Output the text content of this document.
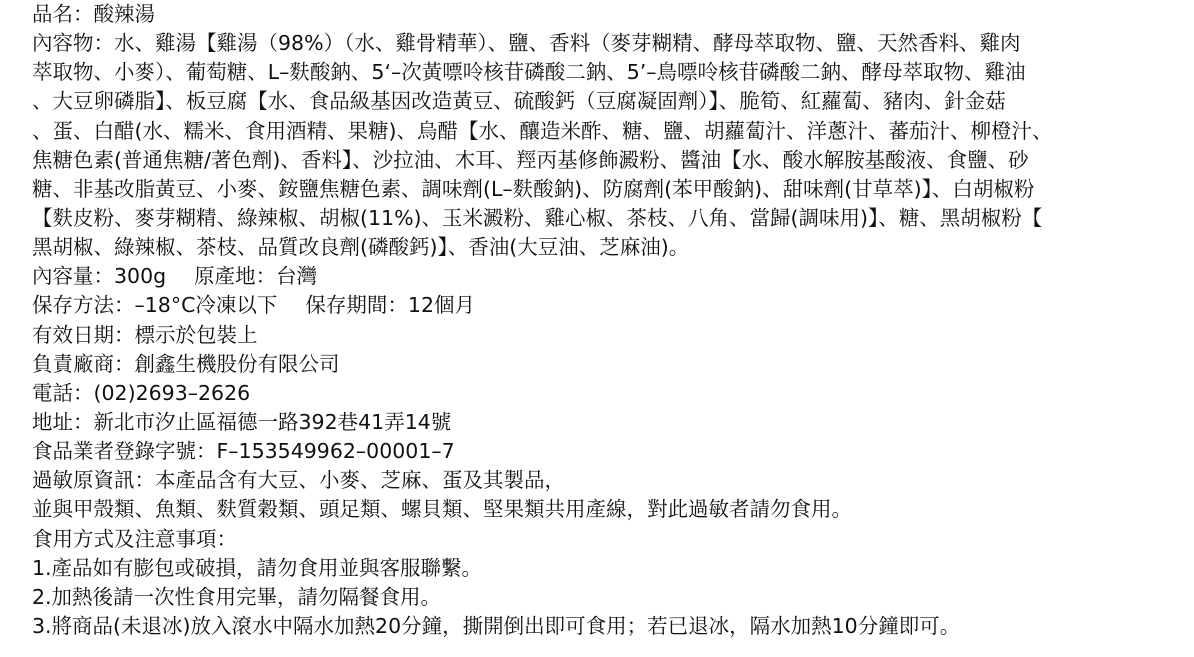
品名：酸辣湯
內容物：水、雞湯【雞湯（98%）（水、雞骨精華）、鹽、香料（麥芽糊精、酵母萃取物、鹽、天然香料、雞肉
萃取物、小麥）、葡萄糖、L–麩酸鈉、5‘–次黃嘌呤核苷磷酸二鈉、5’–鳥嘌呤核苷磷酸二鈉、酵母萃取物、雞油
、大豆卵磷脂】、板豆腐【水、食品級基因改造黃豆、硫酸鈣（豆腐凝固劑）】、脆筍、紅蘿蔔、豬肉、針金菇
、蛋、白醋(水、糯米、食用酒精、果糖)、烏醋【水、釀造米酢、糖、鹽、胡蘿蔔汁、洋蔥汁、蕃茄汁、柳橙汁、
焦糖色素(普通焦糖/著色劑)、香料】、沙拉油、木耳、羥丙基修飾澱粉、醬油【水、酸水解胺基酸液、食鹽、砂
糖、非基改脂黃豆、小麥、銨鹽焦糖色素、調味劑(L–麩酸鈉)、防腐劑(苯甲酸鈉)、甜味劑(甘草萃)】、白胡椒粉
【麩皮粉、麥芽糊精、綠辣椒、胡椒(11%)、玉米澱粉、雞心椒、茶枝、八角、當歸(調味用)】、糖、黑胡椒粉【
黑胡椒、綠辣椒、茶枝、品質改良劑(磷酸鈣)】、香油(大豆油、芝麻油)。
內容量：300g 原產地：台灣
保存方法：–18°C冷凍以下 保存期間：12個月
有效日期：標示於包裝上
負責廠商：創鑫生機股份有限公司
電話：(02)2693–2626
地址：新北市汐止區福德一路392巷41弄14號
食品業者登錄字號：F–153549962–00001–7
過敏原資訊：本產品含有大豆、小麥、芝麻、蛋及其製品，
並與甲殼類、魚類、麩質穀類、頭足類、螺貝類、堅果類共用產線，對此過敏者請勿食用。
食用方式及注意事項：
1.產品如有膨包或破損，請勿食用並與客服聯繫。
2.加熱後請一次性食用完畢，請勿隔餐食用。
3.將商品(未退冰)放入滾水中隔水加熱20分鐘，撕開倒出即可食用；若已退冰，隔水加熱10分鐘即可。
